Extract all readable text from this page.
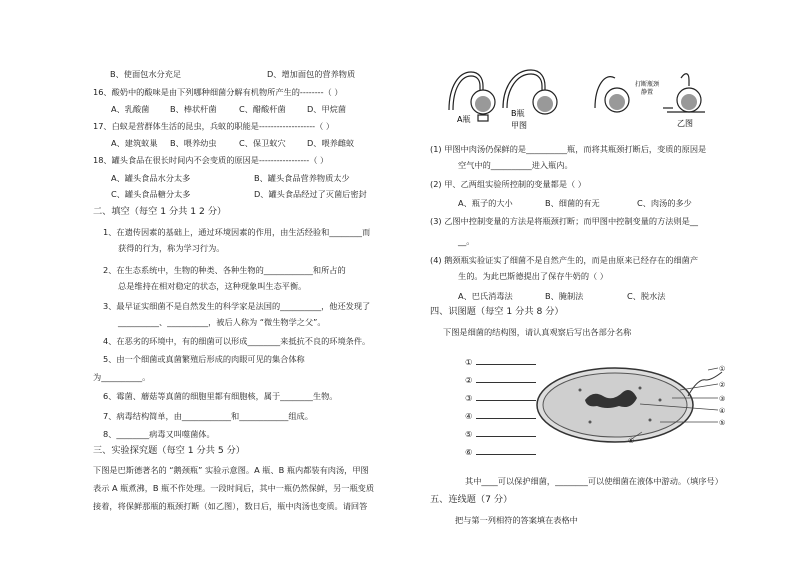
B、使面包水分充足	D、增加面包的营养物质
16、酸奶中的酸味是由下列哪种细菌分解有机物所产生的--------（ ）
A、乳酸菌	B、棒状杆菌	C、醋酸杆菌	D、甲烷菌
17、白蚁是营群体生活的昆虫，兵蚁的职能是-------------------（ ）
A、建筑蚁巢 B、喂养幼虫	C、保卫蚁穴	D、喂养雌蚁
18、罐头食品在很长时间内不会变质的原因是-----------------（ ）
A、罐头食品水分太多	B、罐头食品营养物质太少
C、罐头食品糖分太多	D、罐头食品经过了灭菌后密封
1、在遗传因素的基础上，通过环境因素的作用，由生活经验和________而
获得的行为，称为学习行为。
2、在生态系统中，生物的种类、各种生物的____________和所占的
总是维持在相对稳定的状态，这种现象叫生态平衡。
3、最早证实细菌不是自然发生的科学家是法国的__________，他还发现了
__________、__________，被后人称为 “微生物学之父”。
4、在恶劣的环境中，有的细菌可以形成________来抵抗不良的环境条件。
5、由一个细菌或真菌繁殖后形成的肉眼可见的集合体称
为__________。
6、霉菌、蘑菇等真菌的细胞里都有细胞核，属于________生物。
7、病毒结构简单，由____________和____________组成。
8、________病毒又叫噬菌体。
下图是巴斯德著名的 “鹅颈瓶” 实验示意图。A 瓶、B 瓶内都装有肉汤，甲图
表示 A 瓶煮沸，B 瓶不作处理。一段时间后，其中一瓶仍然保鲜，另一瓶变质
接着，将保鲜那瓶的瓶颈打断（如乙图），数日后，瓶中肉汤也变质。请回答
二、填空（每空 1 分共 1 2 分）
三、实验探究题（每空 1 分共 5 分）
(1) 甲图中肉汤仍保鲜的是__________瓶，而将其瓶颈打断后，变质的原因是
空气中的__________进入瓶内。
(2) 甲、乙两组实验所控制的变量都是（ ）
A、瓶子的大小	B、细菌的有无	C、肉汤的多少
(3) 乙图中控制变量的方法是将瓶颈打断；而甲图中控制变量的方法则是__
__。
(4) 鹅颈瓶实验证实了细菌不是自然产生的，而是由原来已经存在的细菌产
生的。为此巴斯德提出了保存牛奶的（ ）
A、巴氏消毒法	B、腌制法	C、脱水法
下图是细菌的结构图，请认真观察后写出各部分名称
其中____可以保护细菌，________可以使细菌在液体中游动。（填序号）
把与第一列相符的答案填在表格中
四、识图题（每空 1 分共 8 分）
五、连线题（7 分）
A瓶
B瓶
甲图
打断瓶颈
静置
乙图
①
②
③
④
⑤
⑥
①
②
③
④
⑤
⑥
